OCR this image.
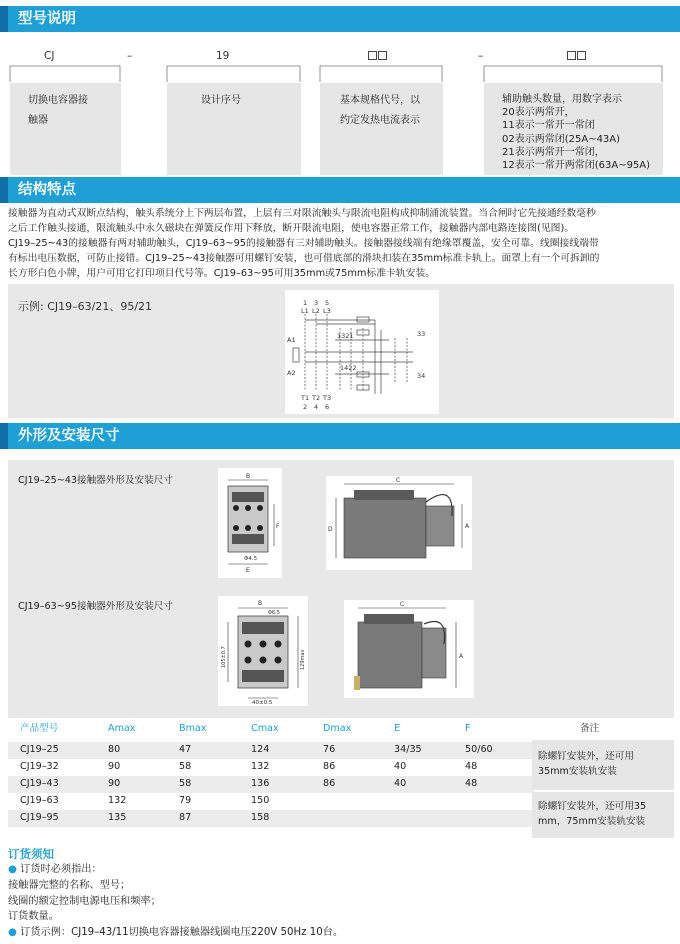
型号说明
CJ	–	19	–
切换电容器接
触器
设计序号	基本规格代号，以
约定发热电流表示
辅助触头数量，用数字表示
20表示两常开，
11表示一常开一常闭
02表示两常闭(25A~43A)
21表示两常开一常闭，
12表示一常开两常闭(63A~95A)
结构特点
接触器为直动式双断点结构，触头系统分上下两层布置，上层有三对限流触头与限流电阻构成抑制涌流装置。当合闸时它先接通经数毫秒
之后工作触头接通，限流触头中永久磁块在弹簧反作用下释放，断开限流电阻，使电容器正常工作，接触器内部电路连接图(见图)。
CJ19–25~43的接触器有两对辅助触头，CJ19–63~95的接触器有三对辅助触头。接触器接线端有绝缘罩覆盖，安全可靠。线圈接线端带
有标出电压数据，可防止接错。CJ19–25~43接触器可用螺钉安装，也可借底部的滑块扣装在35mm标准卡轨上。面罩上有一个可拆卸的
长方形白色小牌，用户可用它打印项目代号等。CJ19–63~95可用35mm或75mm标准卡轨安装。
示例: CJ19–63/21、95/21	1 3 5
L1 L2 L3
A1
A2
1321
1422
33
34
T1 T2 T3
2 4 6
外形及安装尺寸
CJ19–25~43接触器外形及安装尺寸
CJ19–63~95接触器外形及安装尺寸
B
E
F
Φ4.5
C
D	A
B
Φ6.5
105±0.7	129max
40±0.5
C
A
产品型号	Amax	Bmax	Cmax	Dmax	E	F	备注
CJ19–25	80	47	124	76	34/35	50/60
CJ19–32	90	58	132	86	40	48
CJ19–43	90	58	136	86	40	48
CJ19–63	132	79	150
CJ19–95	135	87	158
除螺钉安装外，还可用
35mm安装轨安装
除螺钉安装外，还可用35
mm，75mm安装轨安装
订货须知
● 订货时必须指出：
接触器完整的名称、型号；
线圈的额定控制电源电压和频率；
订货数量。
● 订货示例：CJ19–43/11切换电容器接触器线圈电压220V 50Hz 10台。
